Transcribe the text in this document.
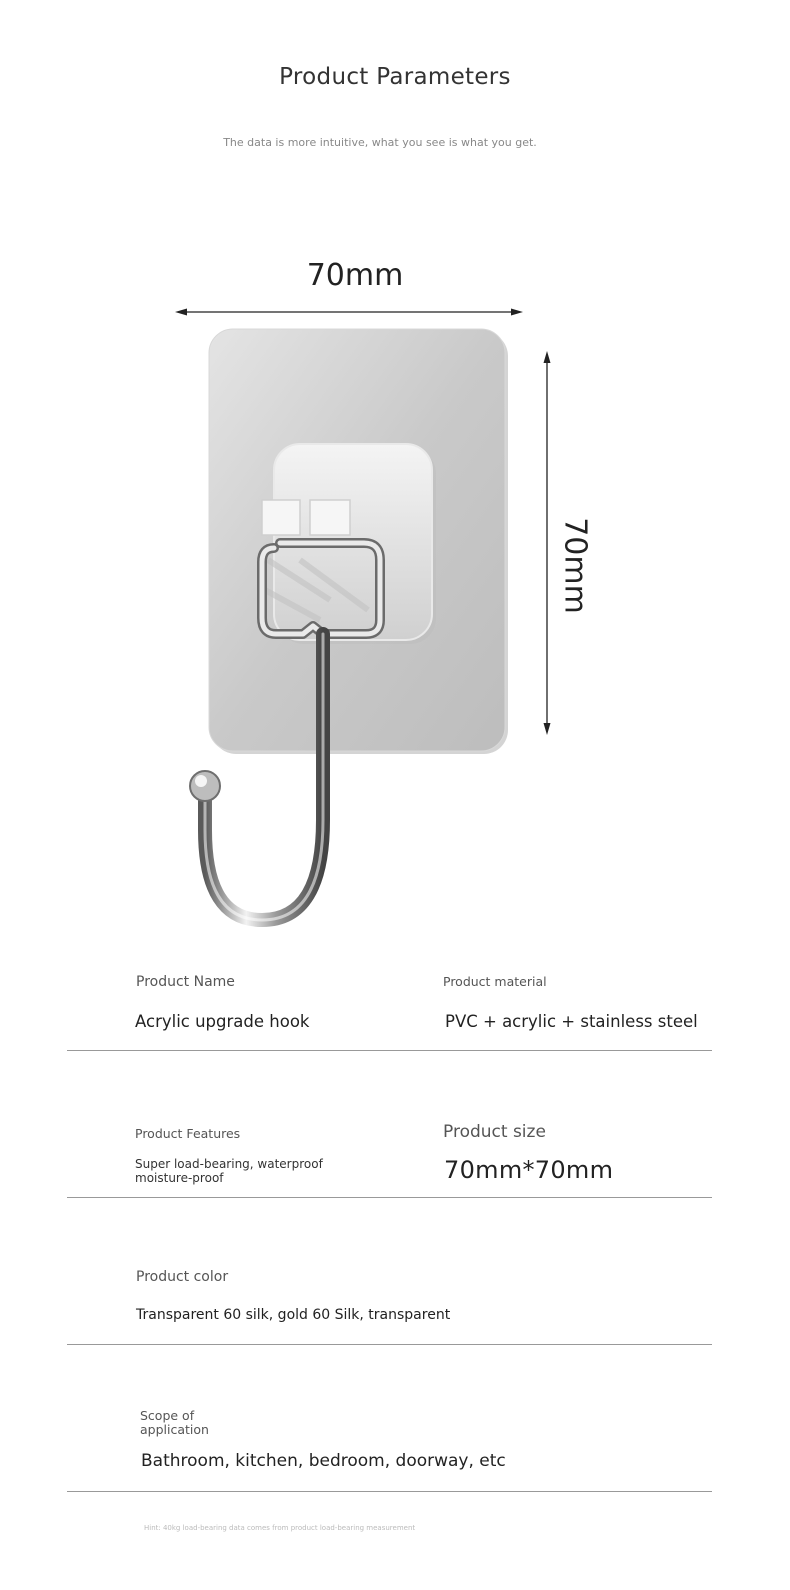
Product Parameters
The data is more intuitive, what you see is what you get.
70mm
70mm
Product Name	Product material
Acrylic upgrade hook	PVC + acrylic + stainless steel
Product Features	Product size
Super load-bearing, waterproof moisture-proof	70mm*70mm
Product color
Transparent 60 silk, gold 60 Silk, transparent
Scope of application
Bathroom, kitchen, bedroom, doorway, etc
Hint: 40kg load-bearing data comes from product load-bearing measurement
